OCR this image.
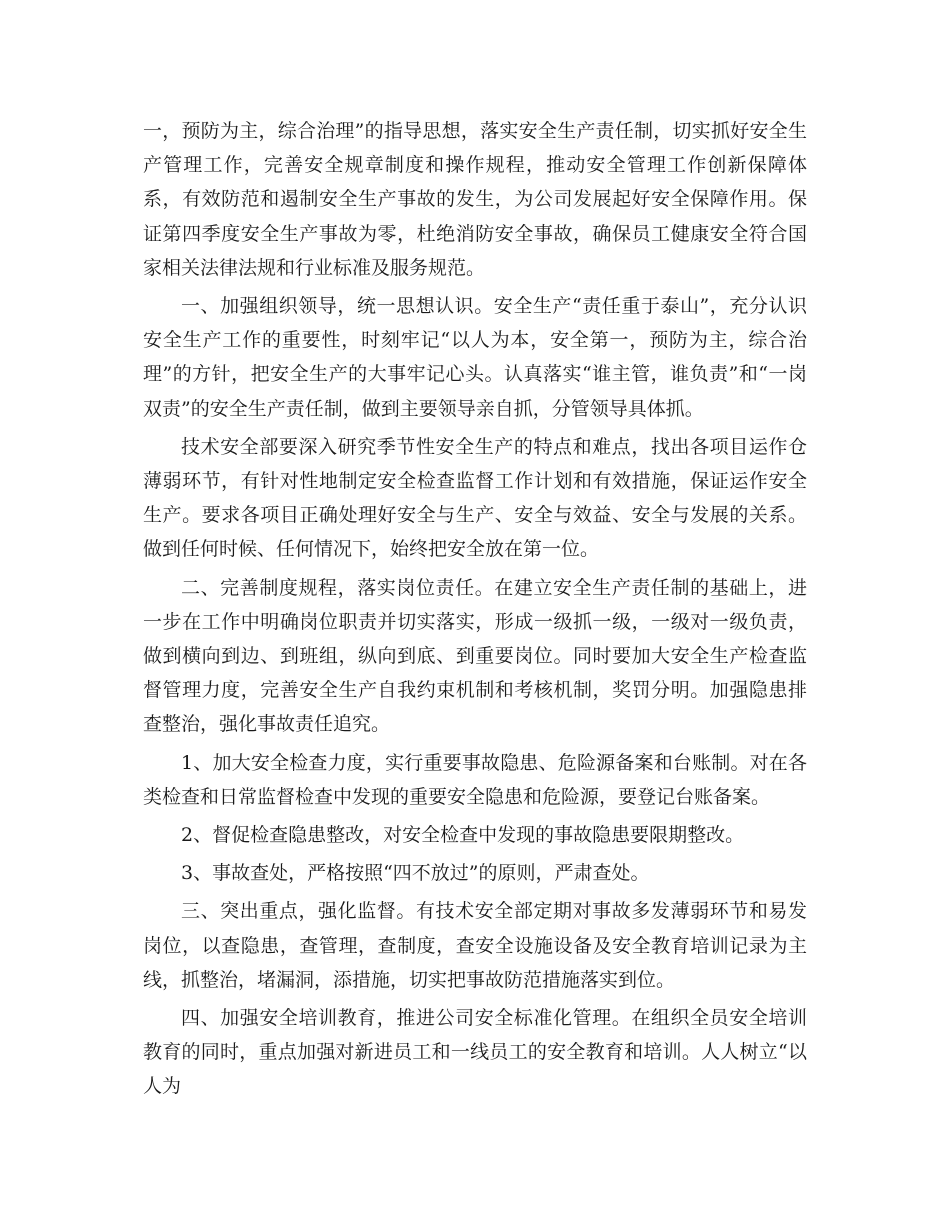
一，预防为主，综合治理”的指导思想，落实安全生产责任制，切实抓好安全生产管理工作，完善安全规章制度和操作规程，推动安全管理工作创新保障体系，有效防范和遏制安全生产事故的发生，为公司发展起好安全保障作用。保证第四季度安全生产事故为零，杜绝消防安全事故，确保员工健康安全符合国家相关法律法规和行业标准及服务规范。

一、加强组织领导，统一思想认识。安全生产“责任重于泰山”，充分认识安全生产工作的重要性，时刻牢记“以人为本，安全第一，预防为主，综合治理”的方针，把安全生产的大事牢记心头。认真落实“谁主管，谁负责”和“一岗双责”的安全生产责任制，做到主要领导亲自抓，分管领导具体抓。

技术安全部要深入研究季节性安全生产的特点和难点，找出各项目运作仓薄弱环节，有针对性地制定安全检查监督工作计划和有效措施，保证运作安全生产。要求各项目正确处理好安全与生产、安全与效益、安全与发展的关系。做到任何时候、任何情况下，始终把安全放在第一位。

二、完善制度规程，落实岗位责任。在建立安全生产责任制的基础上，进一步在工作中明确岗位职责并切实落实，形成一级抓一级，一级对一级负责，做到横向到边、到班组，纵向到底、到重要岗位。同时要加大安全生产检查监督管理力度，完善安全生产自我约束机制和考核机制，奖罚分明。加强隐患排查整治，强化事故责任追究。

1、加大安全检查力度，实行重要事故隐患、危险源备案和台账制。对在各类检查和日常监督检查中发现的重要安全隐患和危险源，要登记台账备案。

2、督促检查隐患整改，对安全检查中发现的事故隐患要限期整改。

3、事故查处，严格按照“四不放过”的原则，严肃查处。

三、突出重点，强化监督。有技术安全部定期对事故多发薄弱环节和易发岗位，以查隐患，查管理，查制度，查安全设施设备及安全教育培训记录为主线，抓整治，堵漏洞，添措施，切实把事故防范措施落实到位。

四、加强安全培训教育，推进公司安全标准化管理。在组织全员安全培训教育的同时，重点加强对新进员工和一线员工的安全教育和培训。人人树立“以人为
